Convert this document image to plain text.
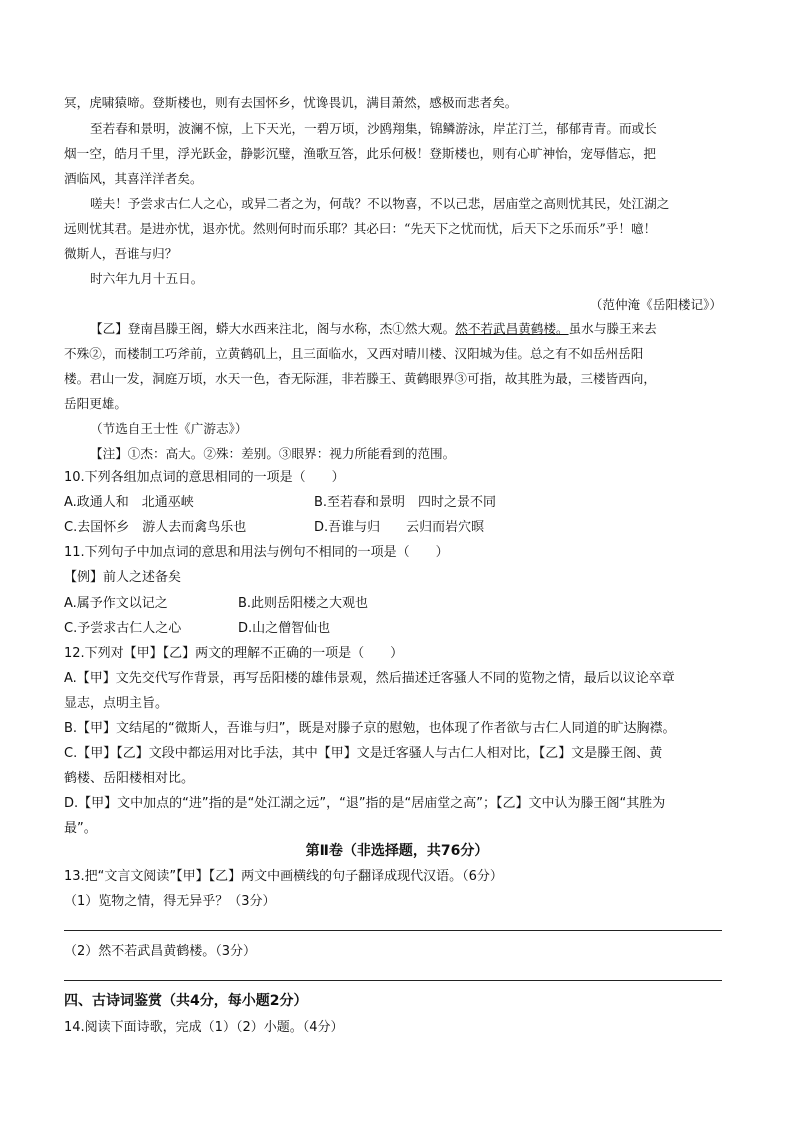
冥，虎啸猿啼。登斯楼也，则有去国怀乡，忧谗畏讥，满目萧然，感极而悲者矣。
至若春和景明，波澜不惊，上下天光，一碧万顷，沙鸥翔集，锦鳞游泳，岸芷汀兰，郁郁青青。而或长
烟一空，皓月千里，浮光跃金，静影沉璧，渔歌互答，此乐何极！登斯楼也，则有心旷神怡，宠辱偕忘，把
酒临风，其喜洋洋者矣。
嗟夫！予尝求古仁人之心，或异二者之为，何哉？不以物喜，不以己悲，居庙堂之高则忧其民，处江湖之
远则忧其君。是进亦忧，退亦忧。然则何时而乐耶？其必曰：“先天下之忧而忧，后天下之乐而乐”乎！噫！
微斯人，吾谁与归？
时六年九月十五日。
（范仲淹《岳阳楼记》）
【乙】登南昌滕王阁，蟒大水西来注北，阁与水称，杰①然大观。然不若武昌黄鹤楼。虽水与滕王来去
不殊②，而楼制工巧斧前，立黄鹤矶上，且三面临水，又西对晴川楼、汉阳城为佳。总之有不如岳州岳阳
楼。君山一发，洞庭万顷，水天一色，杳无际涯，非若滕王、黄鹤眼界③可指，故其胜为最，三楼皆西向，
岳阳更雄。
（节选自王士性《广游志》）
【注】①杰：高大。②殊：差别。③眼界：视力所能看到的范围。
10.下列各组加点词的意思相同的一项是（　　）
A.政通人和　北通巫峡	B.至若春和景明　四时之景不同
C.去国怀乡　游人去而禽鸟乐也	D.吾谁与归　　云归而岩穴暝
11.下列句子中加点词的意思和用法与例句不相同的一项是（　　）
【例】前人之述备矣
A.属予作文以记之	B.此则岳阳楼之大观也
C.予尝求古仁人之心	D.山之僧智仙也
12.下列对【甲】【乙】两文的理解不正确的一项是（　　）
A.【甲】文先交代写作背景，再写岳阳楼的雄伟景观，然后描述迁客骚人不同的览物之情，最后以议论卒章
显志，点明主旨。
B.【甲】文结尾的“微斯人，吾谁与归”，既是对滕子京的慰勉，也体现了作者欲与古仁人同道的旷达胸襟。
C.【甲】【乙】文段中都运用对比手法，其中【甲】文是迁客骚人与古仁人相对比，【乙】文是滕王阁、黄
鹤楼、岳阳楼相对比。
D.【甲】文中加点的“进”指的是“处江湖之远”，“退”指的是“居庙堂之高”；【乙】文中认为滕王阁“其胜为
最”。
第Ⅱ卷（非选择题，共76分）
13.把“文言文阅读”【甲】【乙】两文中画横线的句子翻译成现代汉语。（6分）
（1）览物之情，得无异乎？（3分）
（2）然不若武昌黄鹤楼。（3分）
四、古诗词鉴赏（共4分，每小题2分）
14.阅读下面诗歌，完成（1）（2）小题。（4分）
